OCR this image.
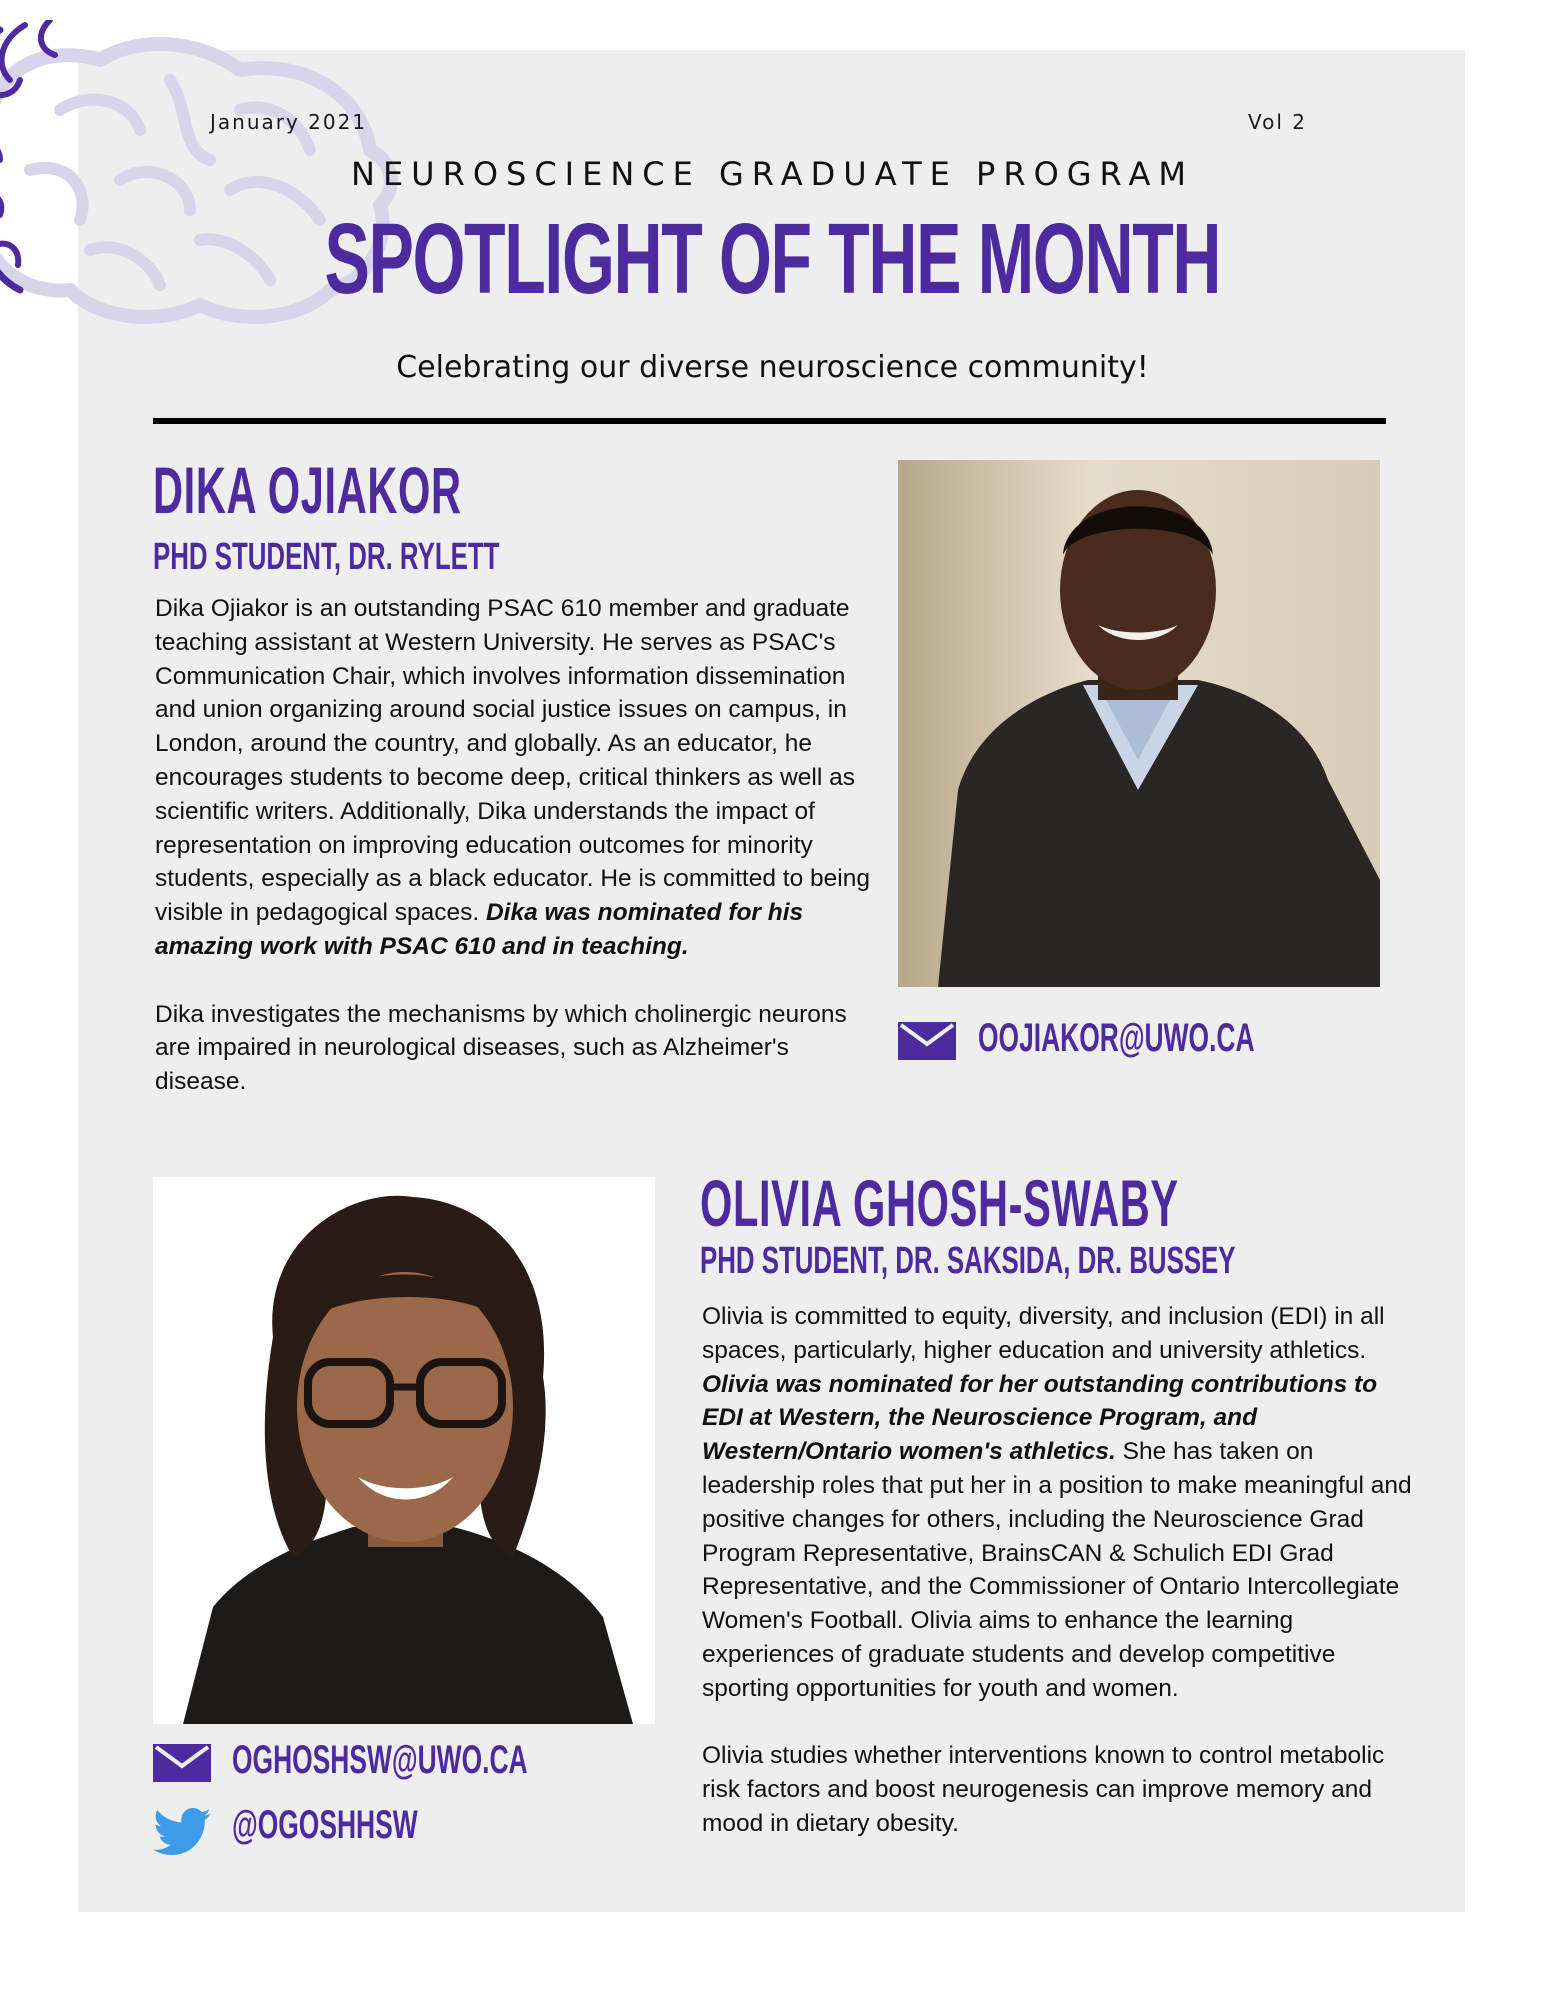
January 2021	Vol 2
NEUROSCIENCE GRADUATE PROGRAM
SPOTLIGHT OF THE MONTH
Celebrating our diverse neuroscience community!
DIKA OJIAKOR
PHD STUDENT, DR. RYLETT

Dika Ojiakor is an outstanding PSAC 610 member and graduate teaching assistant at Western University. He serves as PSAC's Communication Chair, which involves information dissemination and union organizing around social justice issues on campus, in London, around the country, and globally. As an educator, he encourages students to become deep, critical thinkers as well as scientific writers. Additionally, Dika understands the impact of representation on improving education outcomes for minority students, especially as a black educator. He is committed to being visible in pedagogical spaces. Dika was nominated for his amazing work with PSAC 610 and in teaching.

Dika investigates the mechanisms by which cholinergic neurons are impaired in neurological diseases, such as Alzheimer's disease.

OOJIAKOR@UWO.CA
OLIVIA GHOSH-SWABY
PHD STUDENT, DR. SAKSIDA, DR. BUSSEY

Olivia is committed to equity, diversity, and inclusion (EDI) in all spaces, particularly, higher education and university athletics. Olivia was nominated for her outstanding contributions to EDI at Western, the Neuroscience Program, and Western/Ontario women's athletics. She has taken on leadership roles that put her in a position to make meaningful and positive changes for others, including the Neuroscience Grad Program Representative, BrainsCAN & Schulich EDI Grad Representative, and the Commissioner of Ontario Intercollegiate Women's Football. Olivia aims to enhance the learning experiences of graduate students and develop competitive sporting opportunities for youth and women.

Olivia studies whether interventions known to control metabolic risk factors and boost neurogenesis can improve memory and mood in dietary obesity.

OGHOSHSW@UWO.CA
@OGOSHHSW
